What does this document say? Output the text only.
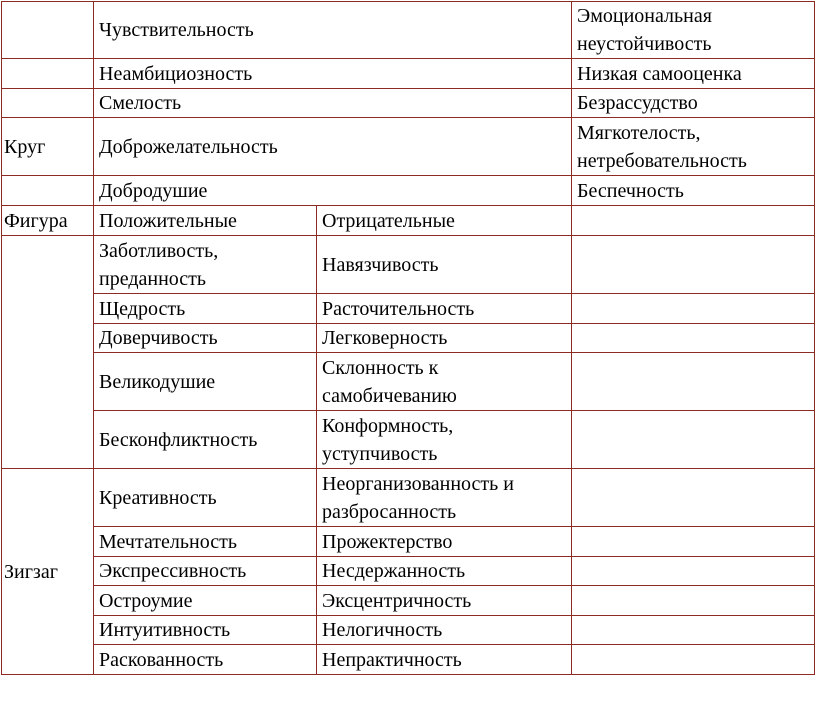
	Чувствительность		Эмоциональная неустойчивость
	Неамбициозность		Низкая самооценка
	Смелость		Безрассудство
Круг	Доброжелательность		Мягкотелость, нетребовательность
	Добродушие		Беспечность
Фигура	Положительные	Отрицательные	
	Заботливость, преданность	Навязчивость	
	Щедрость	Расточительность	
	Доверчивость	Легковерность	
	Великодушие	Склонность к самобичеванию	
	Бесконфликтность	Конформность, уступчивость	
Зигзаг	Креативность	Неорганизованность и разбросанность	
	Мечтательность	Прожектерство	
	Экспрессивность	Несдержанность	
	Остроумие	Эксцентричность	
	Интуитивность	Нелогичность	
	Раскованность	Непрактичность	
